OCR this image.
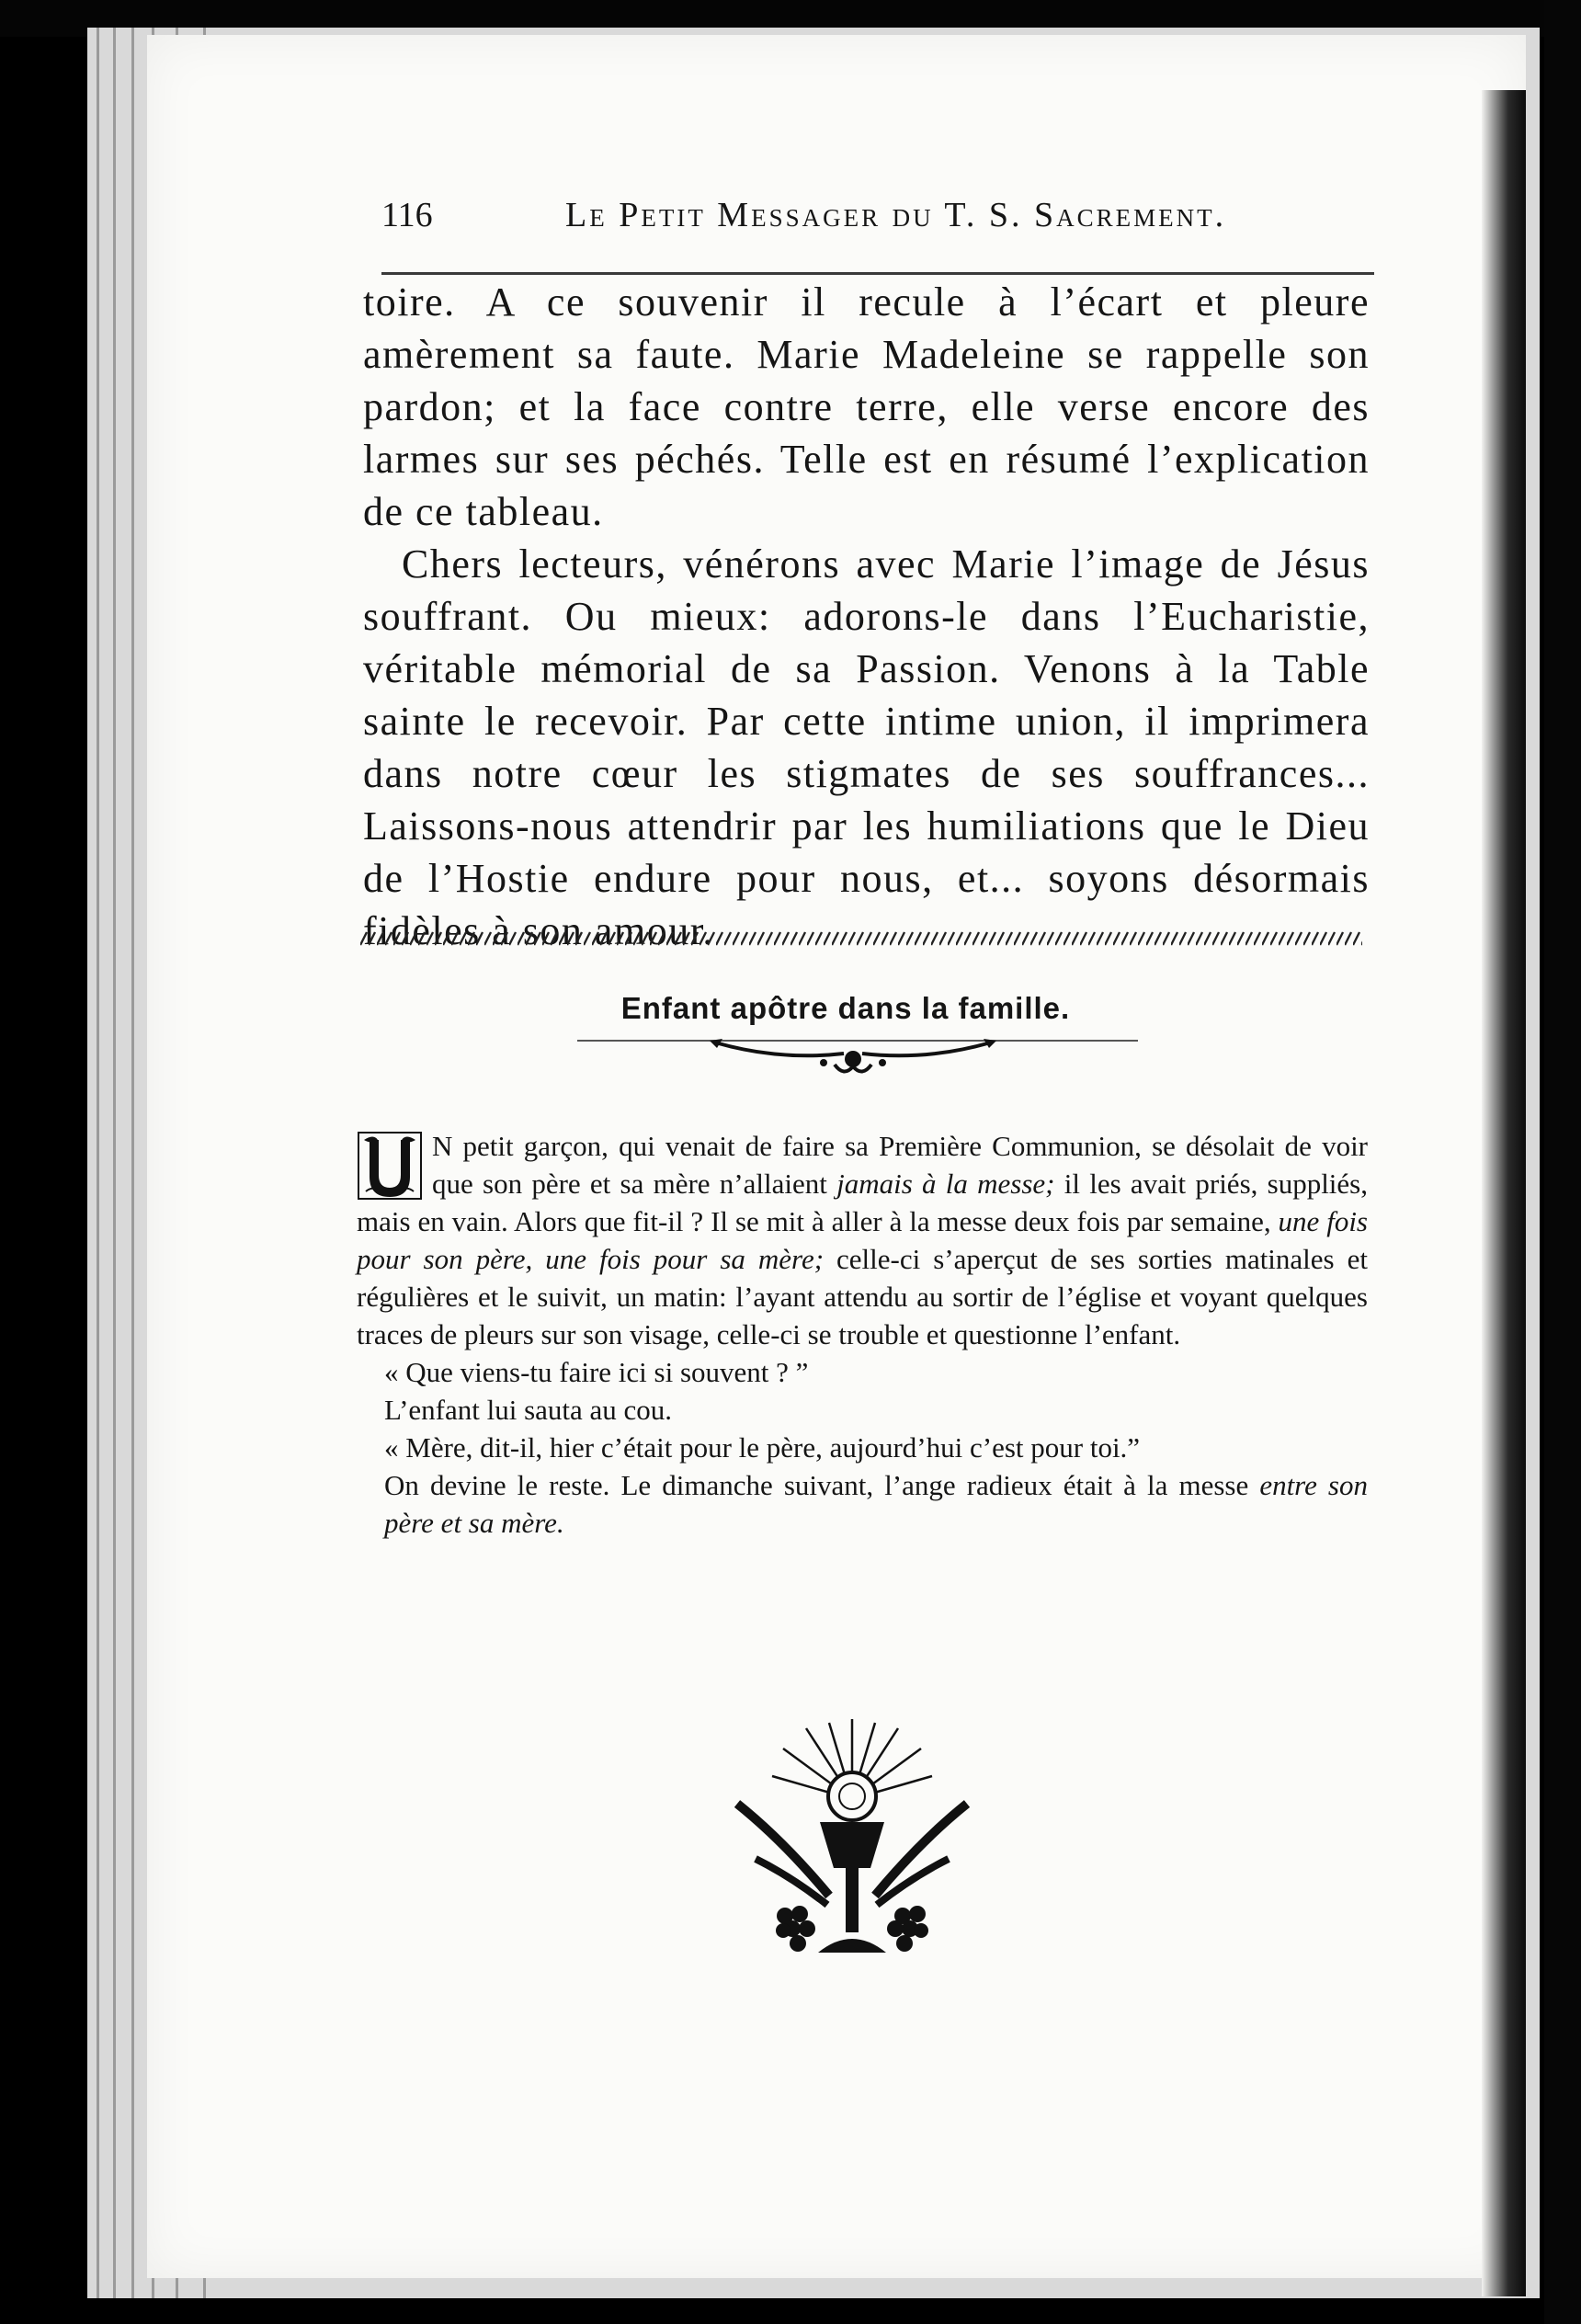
116	Le Petit Messager du T. S. Sacrement.

toire. A ce souvenir il recule à l’écart et pleure amèrement sa faute. Marie Madeleine se rappelle son pardon; et la face contre terre, elle verse encore des larmes sur ses péchés. Telle est en résumé l’explication de ce tableau.

Chers lecteurs, vénérons avec Marie l’image de Jésus souffrant. Ou mieux: adorons-le dans l’Eucharistie, véritable mémorial de sa Passion. Venons à la Table sainte le recevoir. Par cette intime union, il imprimera dans notre cœur les stigmates de ses souffrances... Laissons-nous attendrir par les humiliations que le Dieu de l’Hostie endure pour nous, et... soyons désormais

Enfant apôtre dans la famille.

N petit garçon, qui venait de faire sa Première Communion, se désolait de voir que son père et sa mère n’allaient jamais à la messe; il les avait priés, suppliés, mais en vain. Alors que fit-il ? Il se mit à aller à la messe deux fois par semaine, une fois pour son père, une fois pour sa mère; celle-ci s’aperçut de ses sorties matinales et régulières et le suivit, un matin: l’ayant attendu au sortir de l’église et voyant quelques traces de pleurs sur son visage, celle-ci se trouble et questionne l’enfant.

« Que viens-tu faire ici si souvent ? ”

L’enfant lui sauta au cou.

« Mère, dit-il, hier c’était pour le père, aujourd’hui c’est pour toi.”

On devine le reste. Le dimanche suivant, l’ange radieux était à la messe entre son père et sa mère.
